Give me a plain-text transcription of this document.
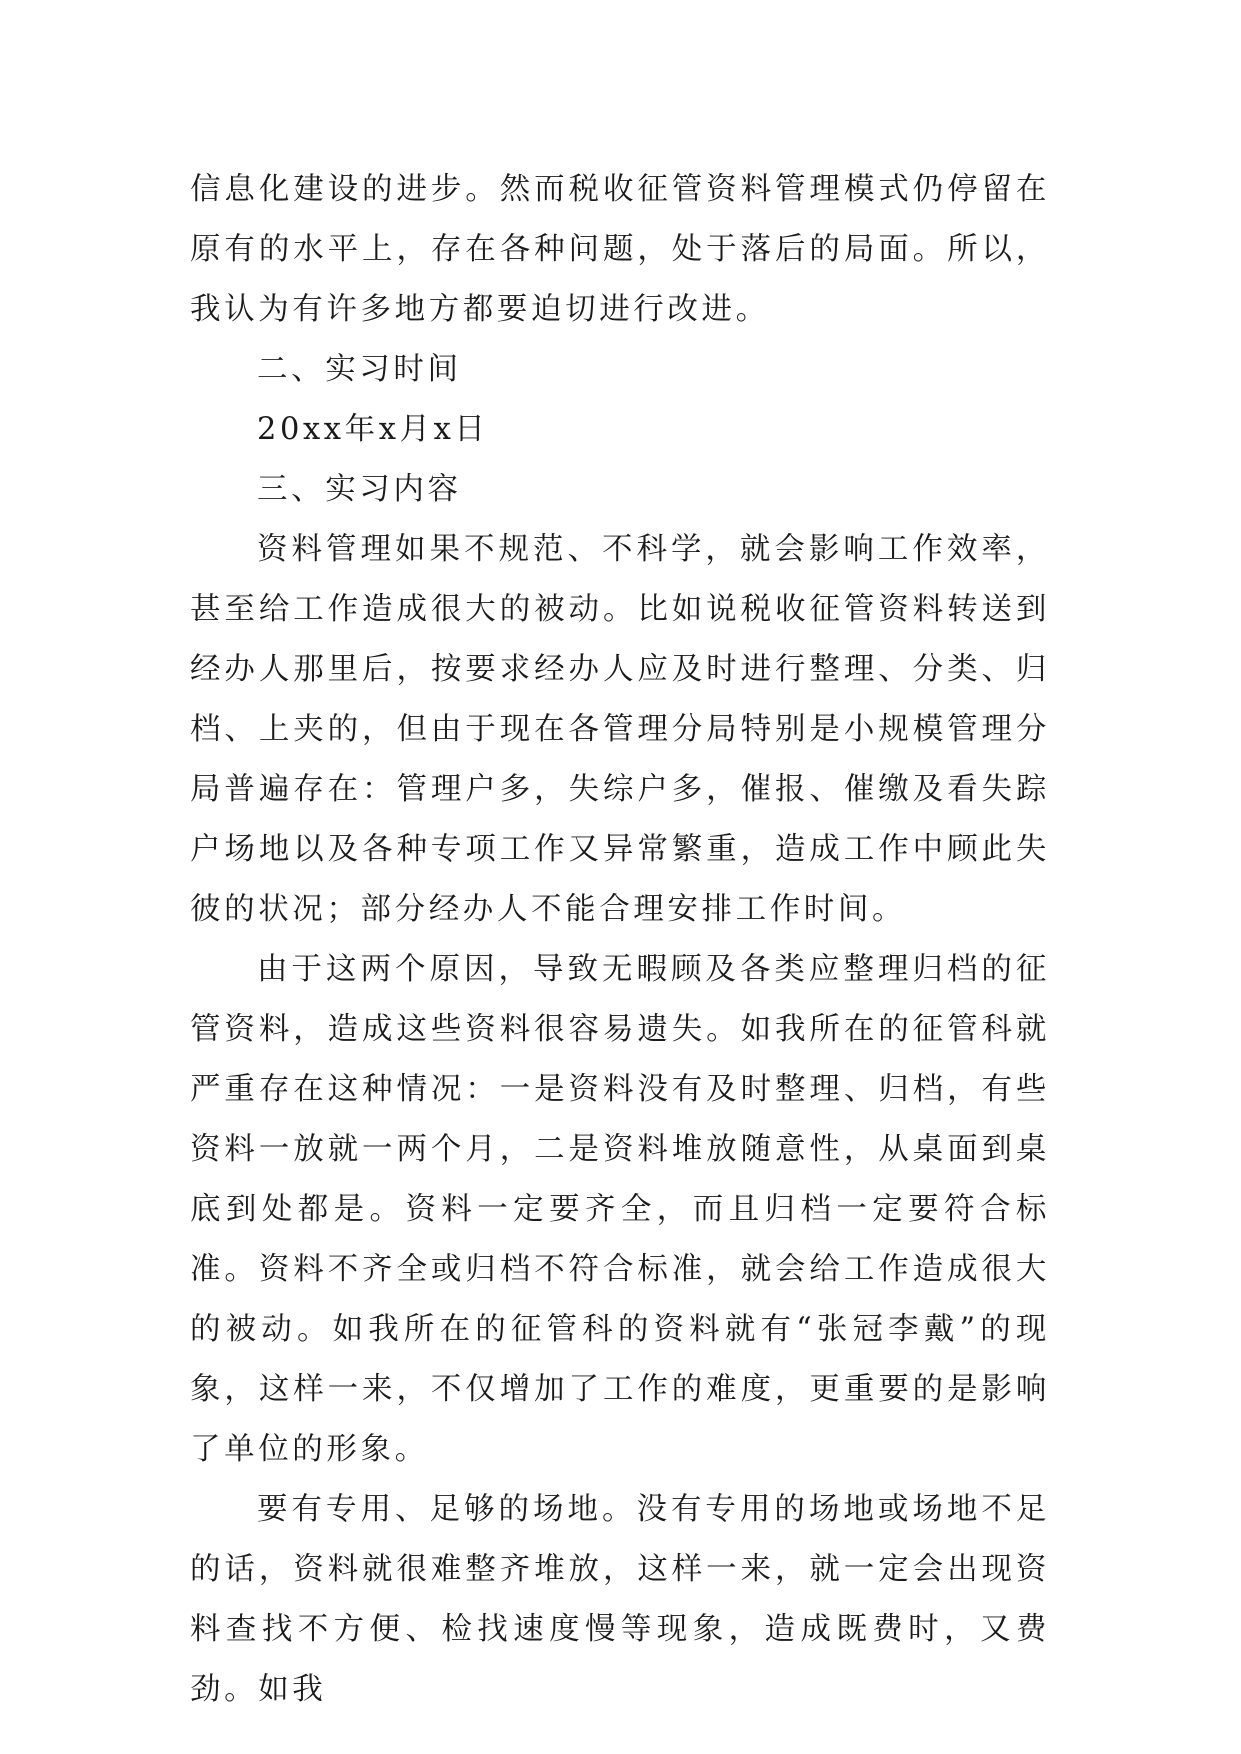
信息化建设的进步。然而税收征管资料管理模式仍停留在原有的水平上，存在各种问题，处于落后的局面。所以，我认为有许多地方都要迫切进行改进。

二、实习时间

20xx年x月x日

三、实习内容

资料管理如果不规范、不科学，就会影响工作效率，甚至给工作造成很大的被动。比如说税收征管资料转送到经办人那里后，按要求经办人应及时进行整理、分类、归档、上夹的，但由于现在各管理分局特别是小规模管理分局普遍存在：管理户多，失综户多，催报、催缴及看失踪户场地以及各种专项工作又异常繁重，造成工作中顾此失彼的状况；部分经办人不能合理安排工作时间。

由于这两个原因，导致无暇顾及各类应整理归档的征管资料，造成这些资料很容易遗失。如我所在的征管科就严重存在这种情况：一是资料没有及时整理、归档，有些资料一放就一两个月，二是资料堆放随意性，从桌面到桌底到处都是。资料一定要齐全，而且归档一定要符合标准。资料不齐全或归档不符合标准，就会给工作造成很大的被动。如我所在的征管科的资料就有“张冠李戴”的现象，这样一来，不仅增加了工作的难度，更重要的是影响了单位的形象。

要有专用、足够的场地。没有专用的场地或场地不足的话，资料就很难整齐堆放，这样一来，就一定会出现资料查找不方便、检找速度慢等现象，造成既费时，又费劲。如我
